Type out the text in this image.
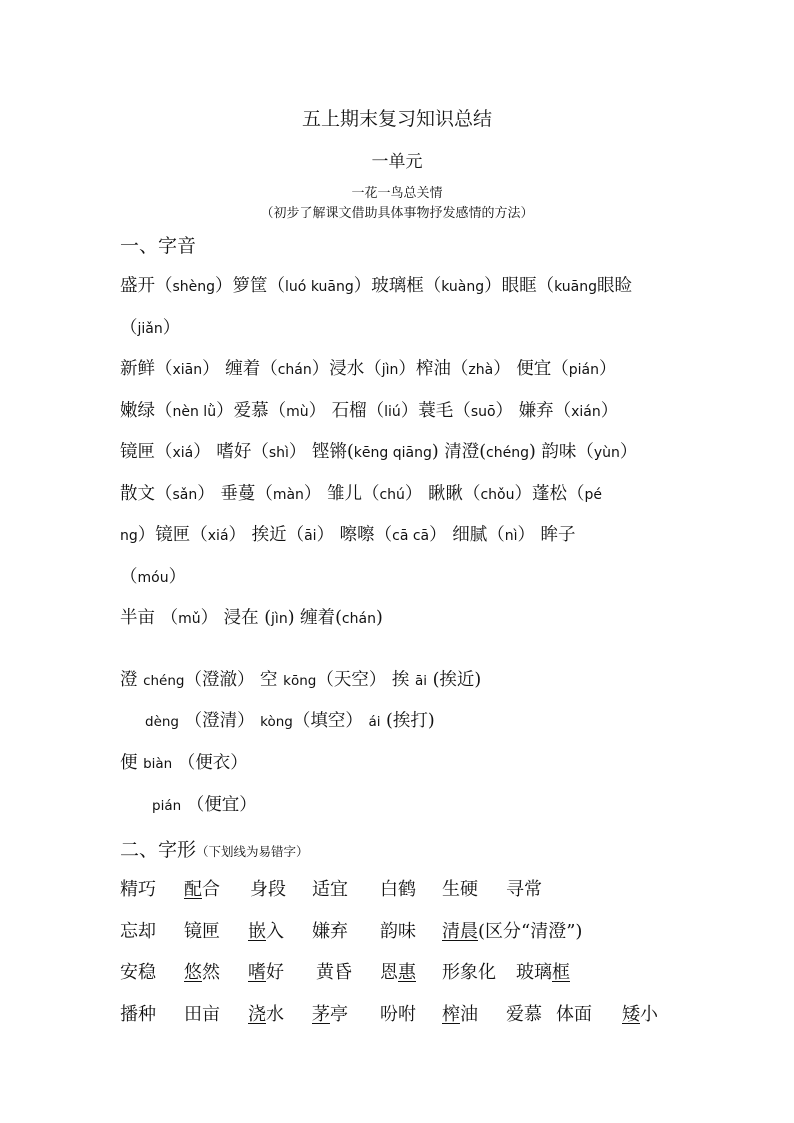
五上期末复习知识总结
一单元
一花一鸟总关情
（初步了解课文借助具体事物抒发感情的方法）
一、字音
盛开（shèng）箩筐（luó kuāng）玻璃框（kuàng）眼眶（kuāng眼睑
（jiǎn）
新鲜（xiān） 缠着（chán）浸水（jìn）榨油（zhà） 便宜（pián）
嫩绿（nèn lǜ）爱慕（mù） 石榴（liú）蓑毛（suō） 嫌弃（xián）
镜匣（xiá） 嗜好（shì） 铿锵(kēng qiāng) 清澄(chéng) 韵味（yùn）
散文（sǎn） 垂蔓（màn） 雏儿（chú） 瞅瞅（chǒu）蓬松（pé
ng）镜匣（xiá） 挨近（āi） 嚓嚓（cā cā） 细腻（nì） 眸子
（móu）
半亩 （mǔ） 浸在 (jìn) 缠着(chán)
澄 chéng（澄澈） 空 kōng（天空） 挨 āi (挨近)
dèng （澄清） kòng（填空） ái (挨打)
便 biàn （便衣）
pián （便宜）
二、字形（下划线为易错字）
精巧 配合 身段 适宜 白鹤 生硬 寻常
忘却 镜匣 嵌入 嫌弃 韵味 清晨(区分“清澄”)
安稳 悠然 嗜好 黄昏 恩惠 形象化 玻璃框
播种 田亩 浇水 茅亭 吩咐 榨油 爱慕 体面 矮小
